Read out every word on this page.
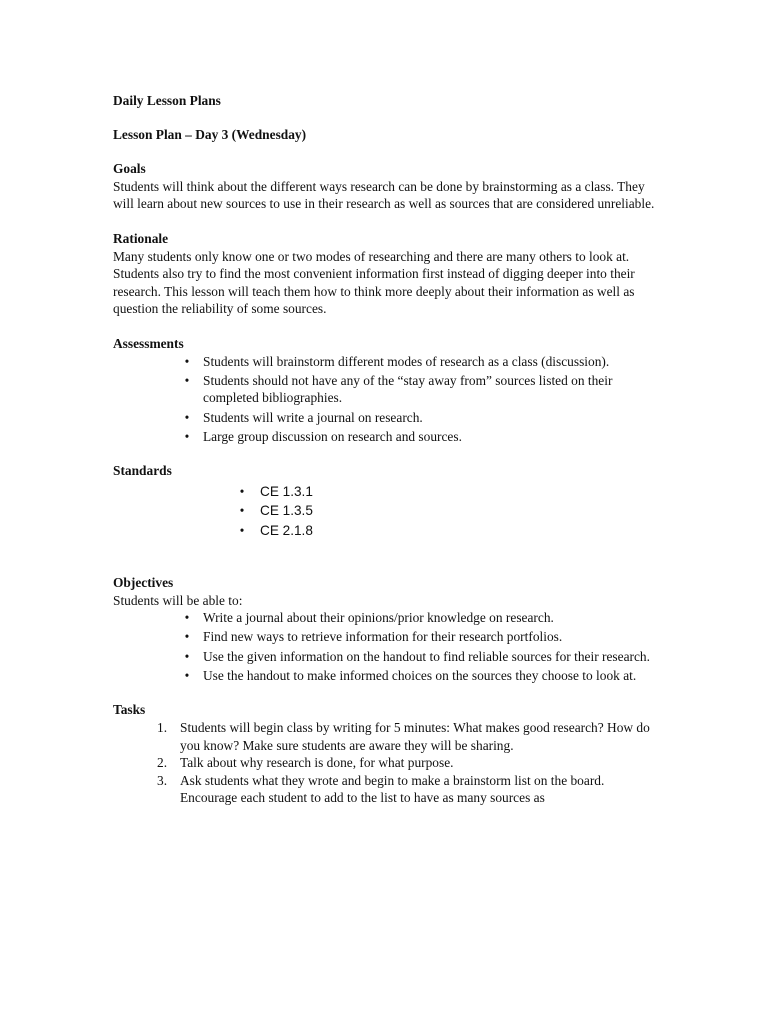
Daily Lesson Plans

Lesson Plan – Day 3 (Wednesday)

Goals

Students will think about the different ways research can be done by brainstorming as a class. They will learn about new sources to use in their research as well as sources that are considered unreliable.

Rationale

Many students only know one or two modes of researching and there are many others to look at. Students also try to find the most convenient information first instead of digging deeper into their research. This lesson will teach them how to think more deeply about their information as well as question the reliability of some sources.

Assessments

• Students will brainstorm different modes of research as a class (discussion).
• Students should not have any of the “stay away from” sources listed on their completed bibliographies.
• Students will write a journal on research.
• Large group discussion on research and sources.

Standards

• CE 1.3.1
• CE 1.3.5
• CE 2.1.8

Objectives

Students will be able to:

• Write a journal about their opinions/prior knowledge on research.
• Find new ways to retrieve information for their research portfolios.
• Use the given information on the handout to find reliable sources for their research.
• Use the handout to make informed choices on the sources they choose to look at.

Tasks

1. Students will begin class by writing for 5 minutes: What makes good research? How do you know? Make sure students are aware they will be sharing.
2. Talk about why research is done, for what purpose.
3. Ask students what they wrote and begin to make a brainstorm list on the board. Encourage each student to add to the list to have as many sources as
